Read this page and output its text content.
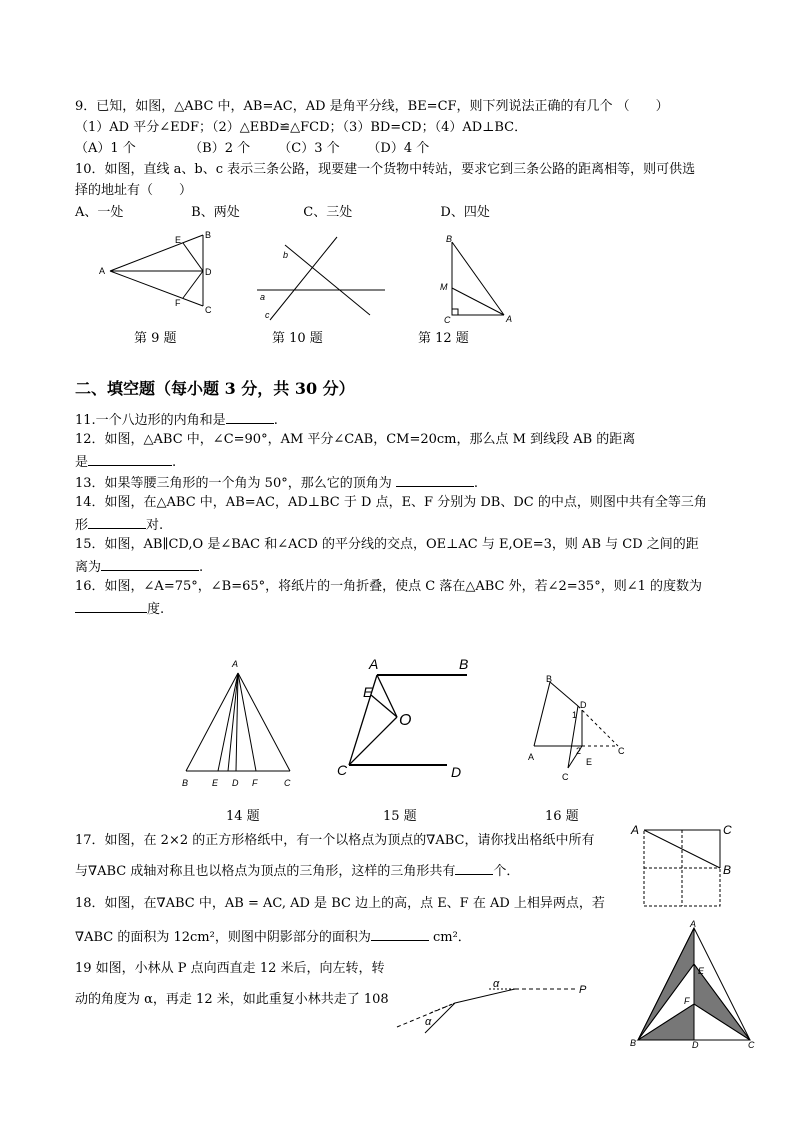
9．已知，如图，△ABC 中，AB=AC，AD 是角平分线，BE=CF，则下列说法正确的有几个 （　　）
（1）AD 平分∠EDF；（2）△EBD≌△FCD；（3）BD=CD；（4）AD⊥BC．
（A）1 个	（B）2 个 （C）3 个 （D）4 个
10．如图，直线 a、b、c 表示三条公路，现要建一个货物中转站，要求它到三条公路的距离相等，则可供选
择的地址有（　　）
A、一处	B、两处	C、三处	D、四处
A
B
C
D
E
F
第 9 题
a
b
c
第 10 题
B
M
C	A
第 12 题
二、填空题（每小题 3 分，共 30 分）
11.一个八边形的内角和是	.
12．如图，△ABC 中，∠C=90°，AM 平分∠CAB，CM=20cm，那么点 M 到线段 AB 的距离
是	.
13．如果等腰三角形的一个角为 50°，那么它的顶角为	.
14．如图，在△ABC 中，AB=AC，AD⊥BC 于 D 点，E、F 分别为 DB、DC 的中点，则图中共有全等三角
形	对.
15．如图，AB∥CD,O 是∠BAC 和∠ACD 的平分线的交点，OE⊥AC 与 E,OE=3，则 AB 与 CD 之间的距
离为	.
16．如图，∠A=75°，∠B=65°，将纸片的一角折叠，使点 C 落在△ABC 外，若∠2=35°，则∠1 的度数为
度.
A
B	E D F	C
14 题
A	B
E
O
C	D
15 题
A
B
C
D
E
C
1
2
16 题
17．如图，在 2×2 的正方形格纸中，有一个以格点为顶点的∇ABC，请你找出格纸中所有
与∇ABC 成轴对称且也以格点为顶点的三角形，这样的三角形共有	个．
A	C
B
18．如图，在∇ABC 中，AB = AC, AD 是 BC 边上的高，点 E、F 在 AD 上相异两点，若
∇ABC 的面积为 12cm²，则图中阴影部分的面积为	cm²．
A
E
F
B	D	C
19 如图，小林从 P 点向西直走 12 米后，向左转，转
动的角度为 α，再走 12 米，如此重复小林共走了 108
P
α
α
